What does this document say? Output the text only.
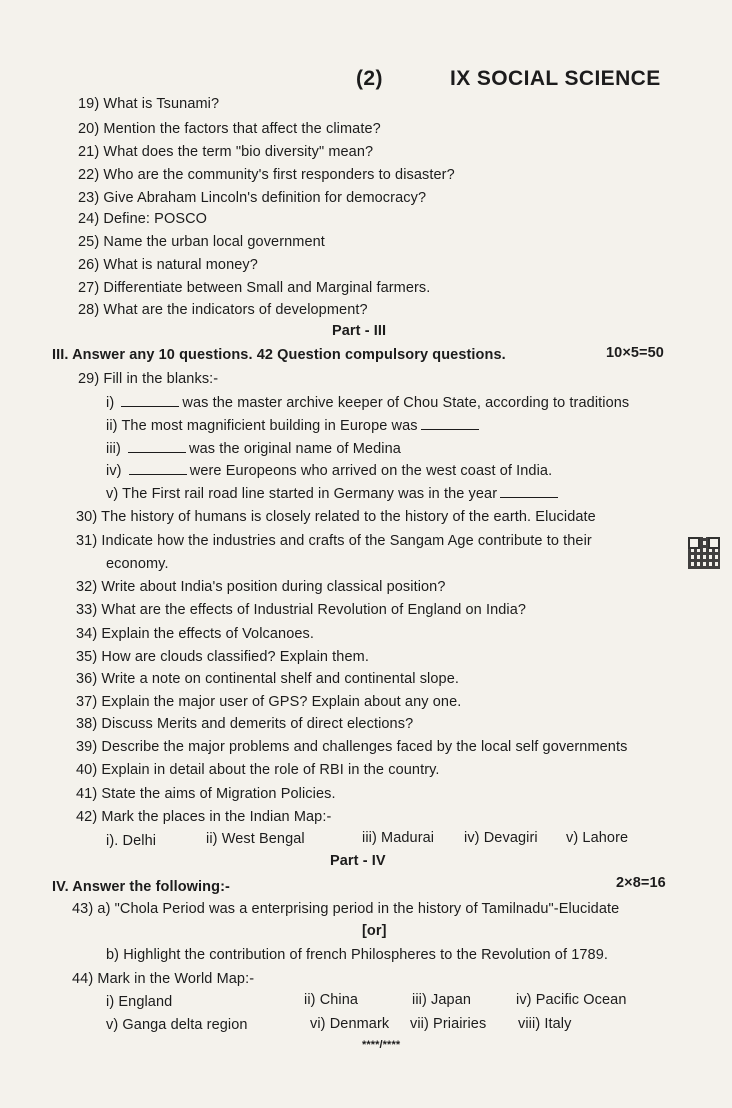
(2)	IX SOCIAL SCIENCE
19) What is Tsunami?
20) Mention the factors that affect the climate?
21) What does the term "bio diversity" mean?
22) Who are the community's first responders to disaster?
23) Give Abraham Lincoln's definition for democracy?
24) Define: POSCO
25) Name the urban local government
26) What is natural money?
27) Differentiate between Small and Marginal farmers.
28) What are the indicators of development?
Part - III
III. Answer any 10 questions. 42 Question compulsory questions.	10×5=50
29) Fill in the blanks:-
i)	was the master archive keeper of Chou State, according to traditions
ii) The most magnificient building in Europe was
iii)	was the original name of Medina
iv)	were Europeons who arrived on the west coast of India.
v) The First rail road line started in Germany was in the year
30) The history of humans is closely related to the history of the earth. Elucidate
31) Indicate how the industries and crafts of the Sangam Age contribute to their
economy.
32) Write about India's position during classical position?
33) What are the effects of Industrial Revolution of England on India?
34) Explain the effects of Volcanoes.
35) How are clouds classified? Explain them.
36) Write a note on continental shelf and continental slope.
37) Explain the major user of GPS? Explain about any one.
38) Discuss Merits and demerits of direct elections?
39) Describe the major problems and challenges faced by the local self governments
40) Explain in detail about the role of RBI in the country.
41) State the aims of Migration Policies.
42) Mark the places in the Indian Map:-
i). Delhi	ii) West Bengal	iii) Madurai iv) Devagiri v) Lahore
Part - IV
IV. Answer the following:-	2×8=16
43) a) "Chola Period was a enterprising period in the history of Tamilnadu"-Elucidate
[or]
b) Highlight the contribution of french Philospheres to the Revolution of 1789.
44) Mark in the World Map:-
i) England	ii) China	iii) Japan	iv) Pacific Ocean
v) Ganga delta region	vi) Denmark vii) Priairies viii) Italy
****/****
